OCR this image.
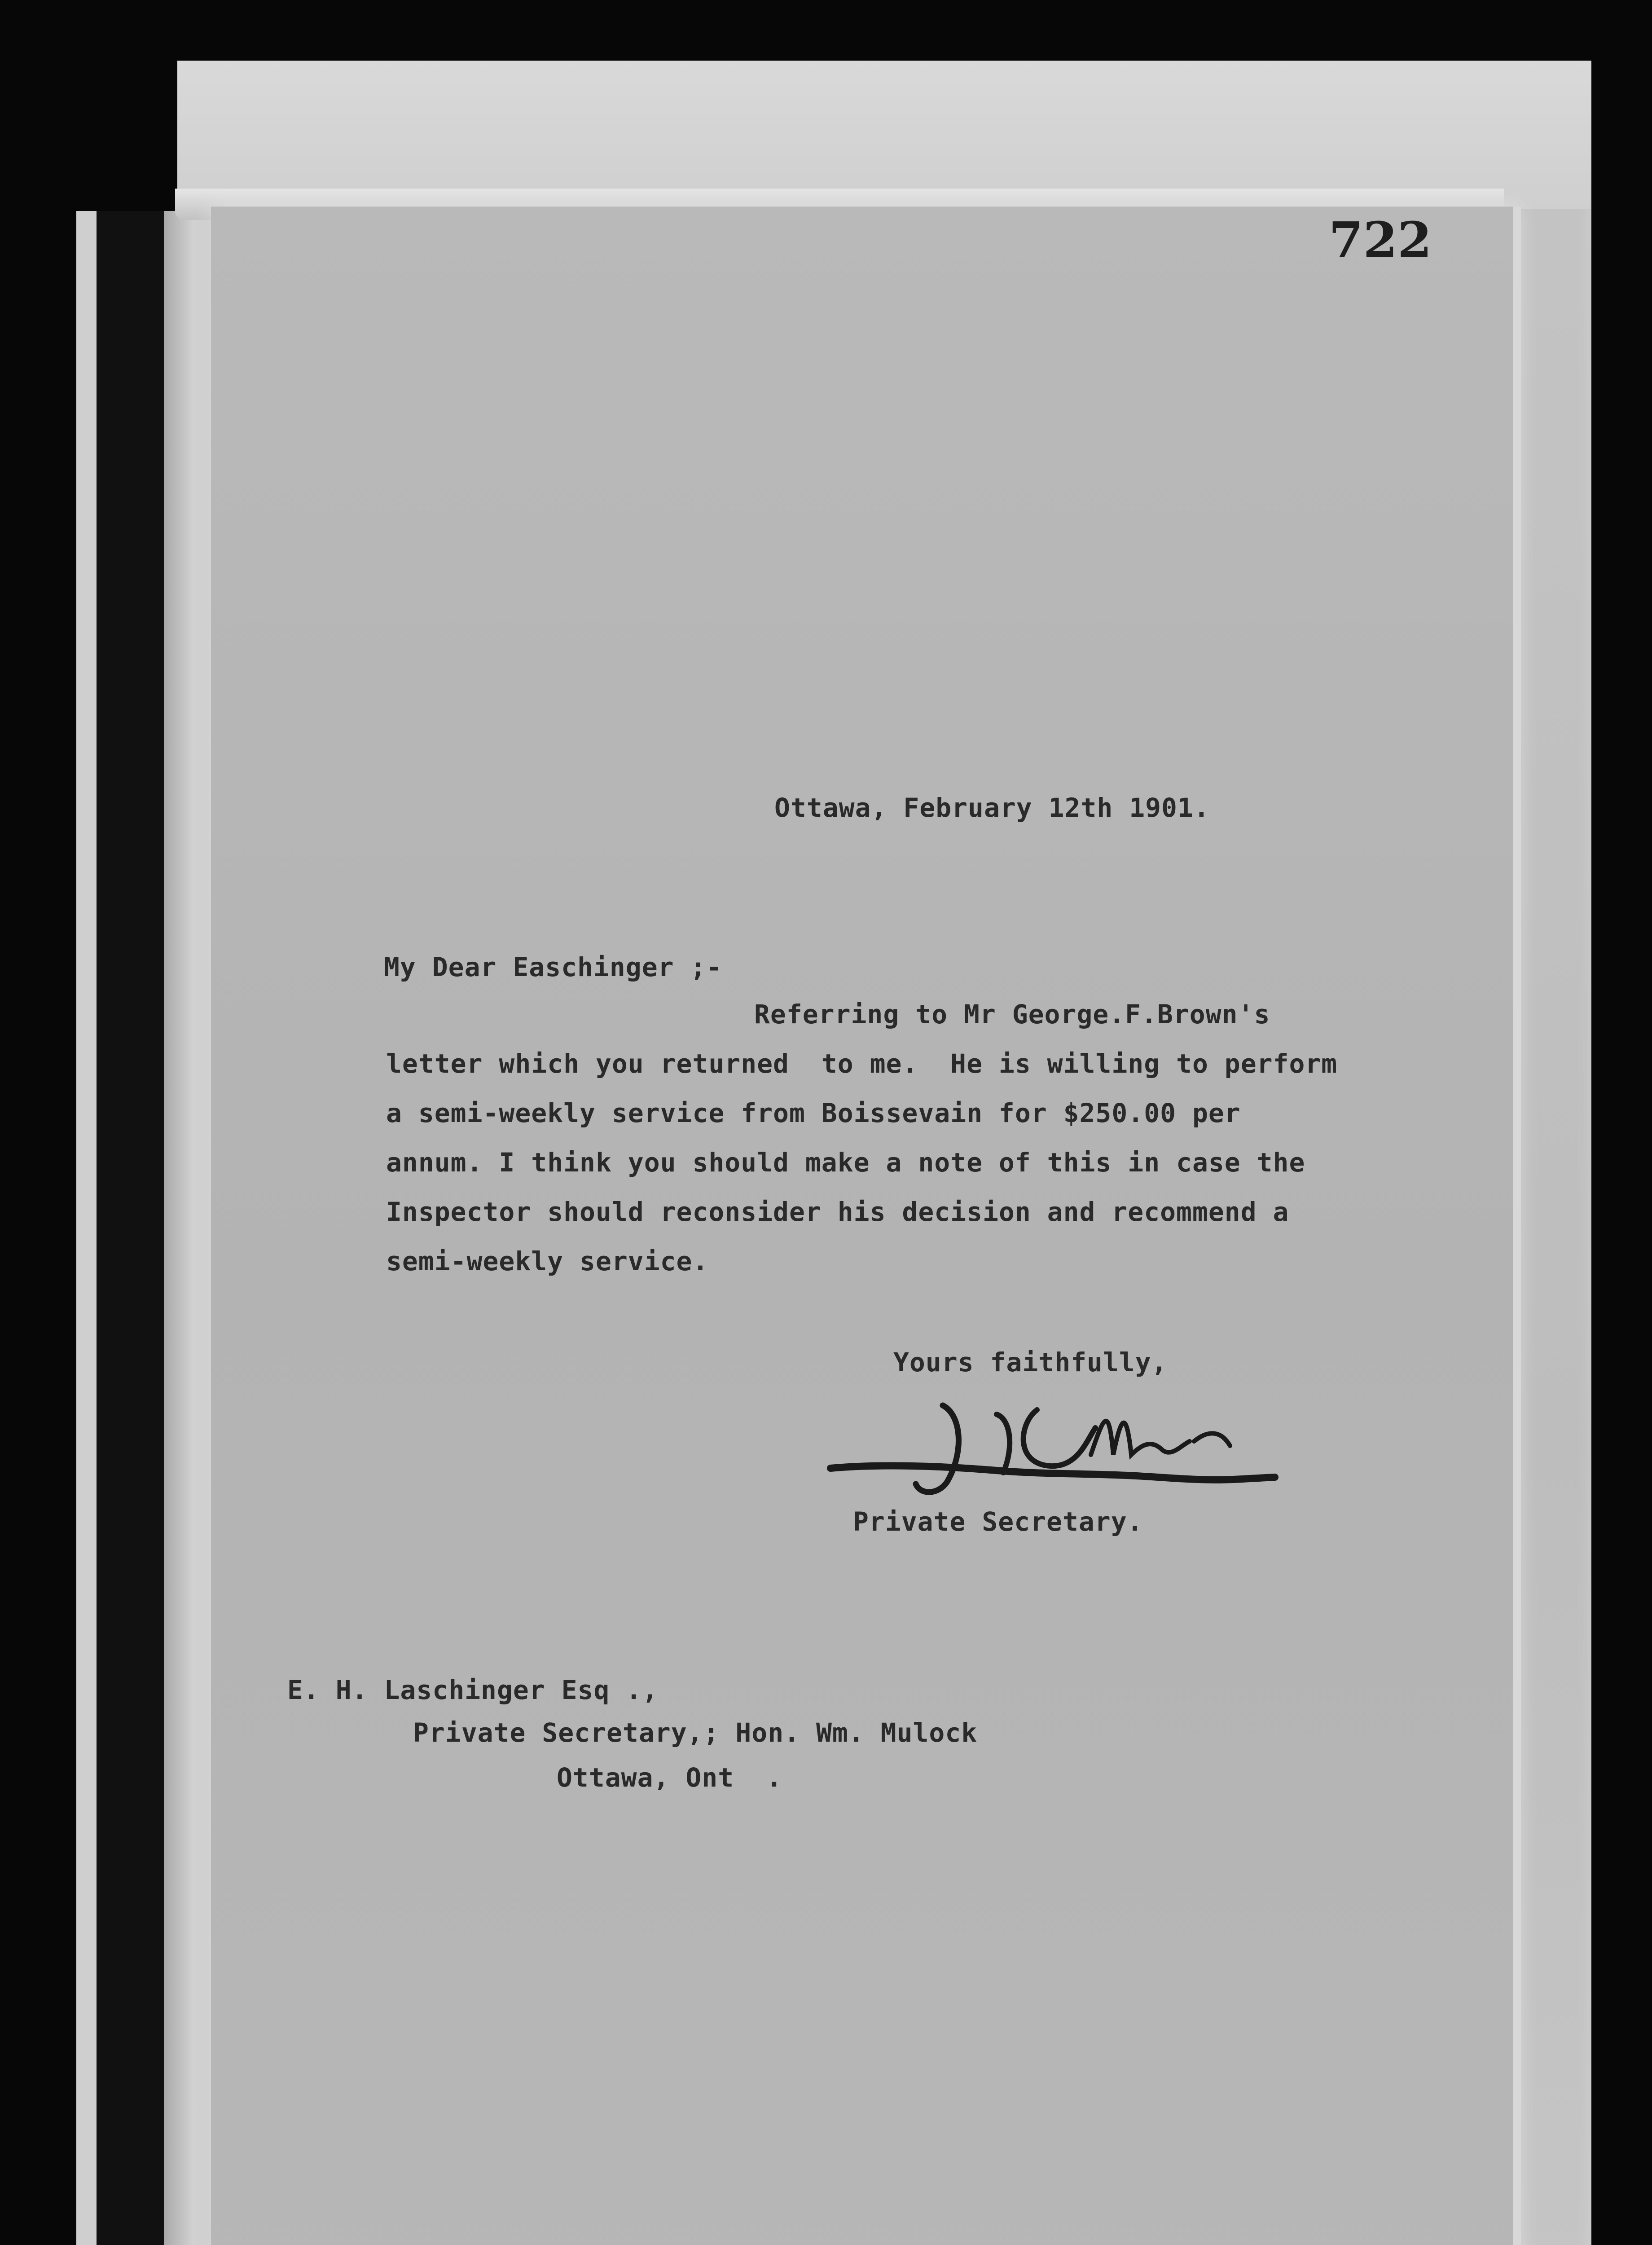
722
Ottawa, February 12th 1901.
My Dear Easchinger ;-
Referring to Mr George.F.Brown's
letter which you returned  to me.  He is willing to perform
a semi-weekly service from Boissevain for $250.00 per
annum. I think you should make a note of this in case the
Inspector should reconsider his decision and recommend a
semi-weekly service.
Yours faithfully,
Private Secretary.
E. H. Laschinger Esq .,
Private Secretary,; Hon. Wm. Mulock
Ottawa, Ont  .
